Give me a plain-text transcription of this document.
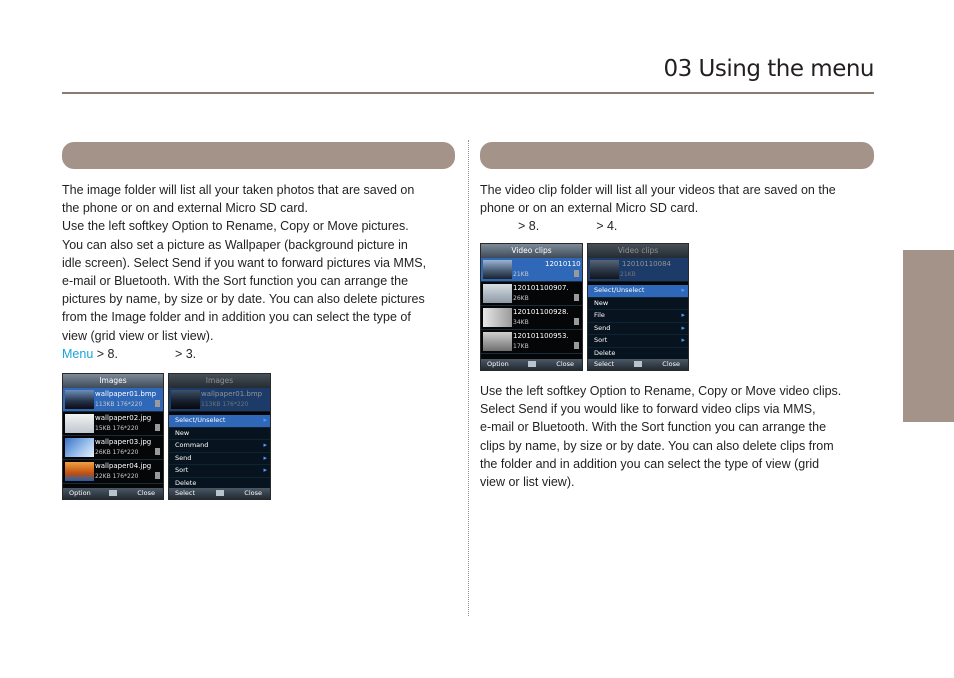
03 Using the menu
The image folder will list all your taken photos that are saved on
the phone or on and external Micro SD card.
Use the left softkey Option to Rename, Copy or Move pictures.
You can also set a picture as Wallpaper (background picture in
idle screen). Select Send if you want to forward pictures via MMS,
e-mail or Bluetooth. With the Sort function you can arrange the
pictures by name, by size or by date. You can also delete pictures
from the Image folder and in addition you can select the type of
view (grid view or list view).
Menu > 8.	> 3.
Images
wallpaper01.bmp
113KB 176*220
wallpaper02.jpg
15KB 176*220
wallpaper03.jpg
26KB 176*220
wallpaper04.jpg
22KB 176*220
Option	Close
Images
wallpaper01.bmp
113KB 176*220
Select/Unselect	▸
New
Command	▸
Send	▸
Sort	▸
Delete
Select	Close
The video clip folder will list all your videos that are saved on the
phone or on an external Micro SD card.
> 8.	> 4.
Video clips
12010110
21KB
120101100907.
26KB
120101100928.
34KB
120101100953.
17KB
Option	Close
Video clips
12010110084
21KB
Select/Unselect	▸
New
File	▸
Send	▸
Sort	▸
Delete
Select	Close
Use the left softkey Option to Rename, Copy or Move video clips.
Select Send if you would like to forward video clips via MMS,
e-mail or Bluetooth. With the Sort function you can arrange the
clips by name, by size or by date. You can also delete clips from
the folder and in addition you can select the type of view (grid
view or list view).
